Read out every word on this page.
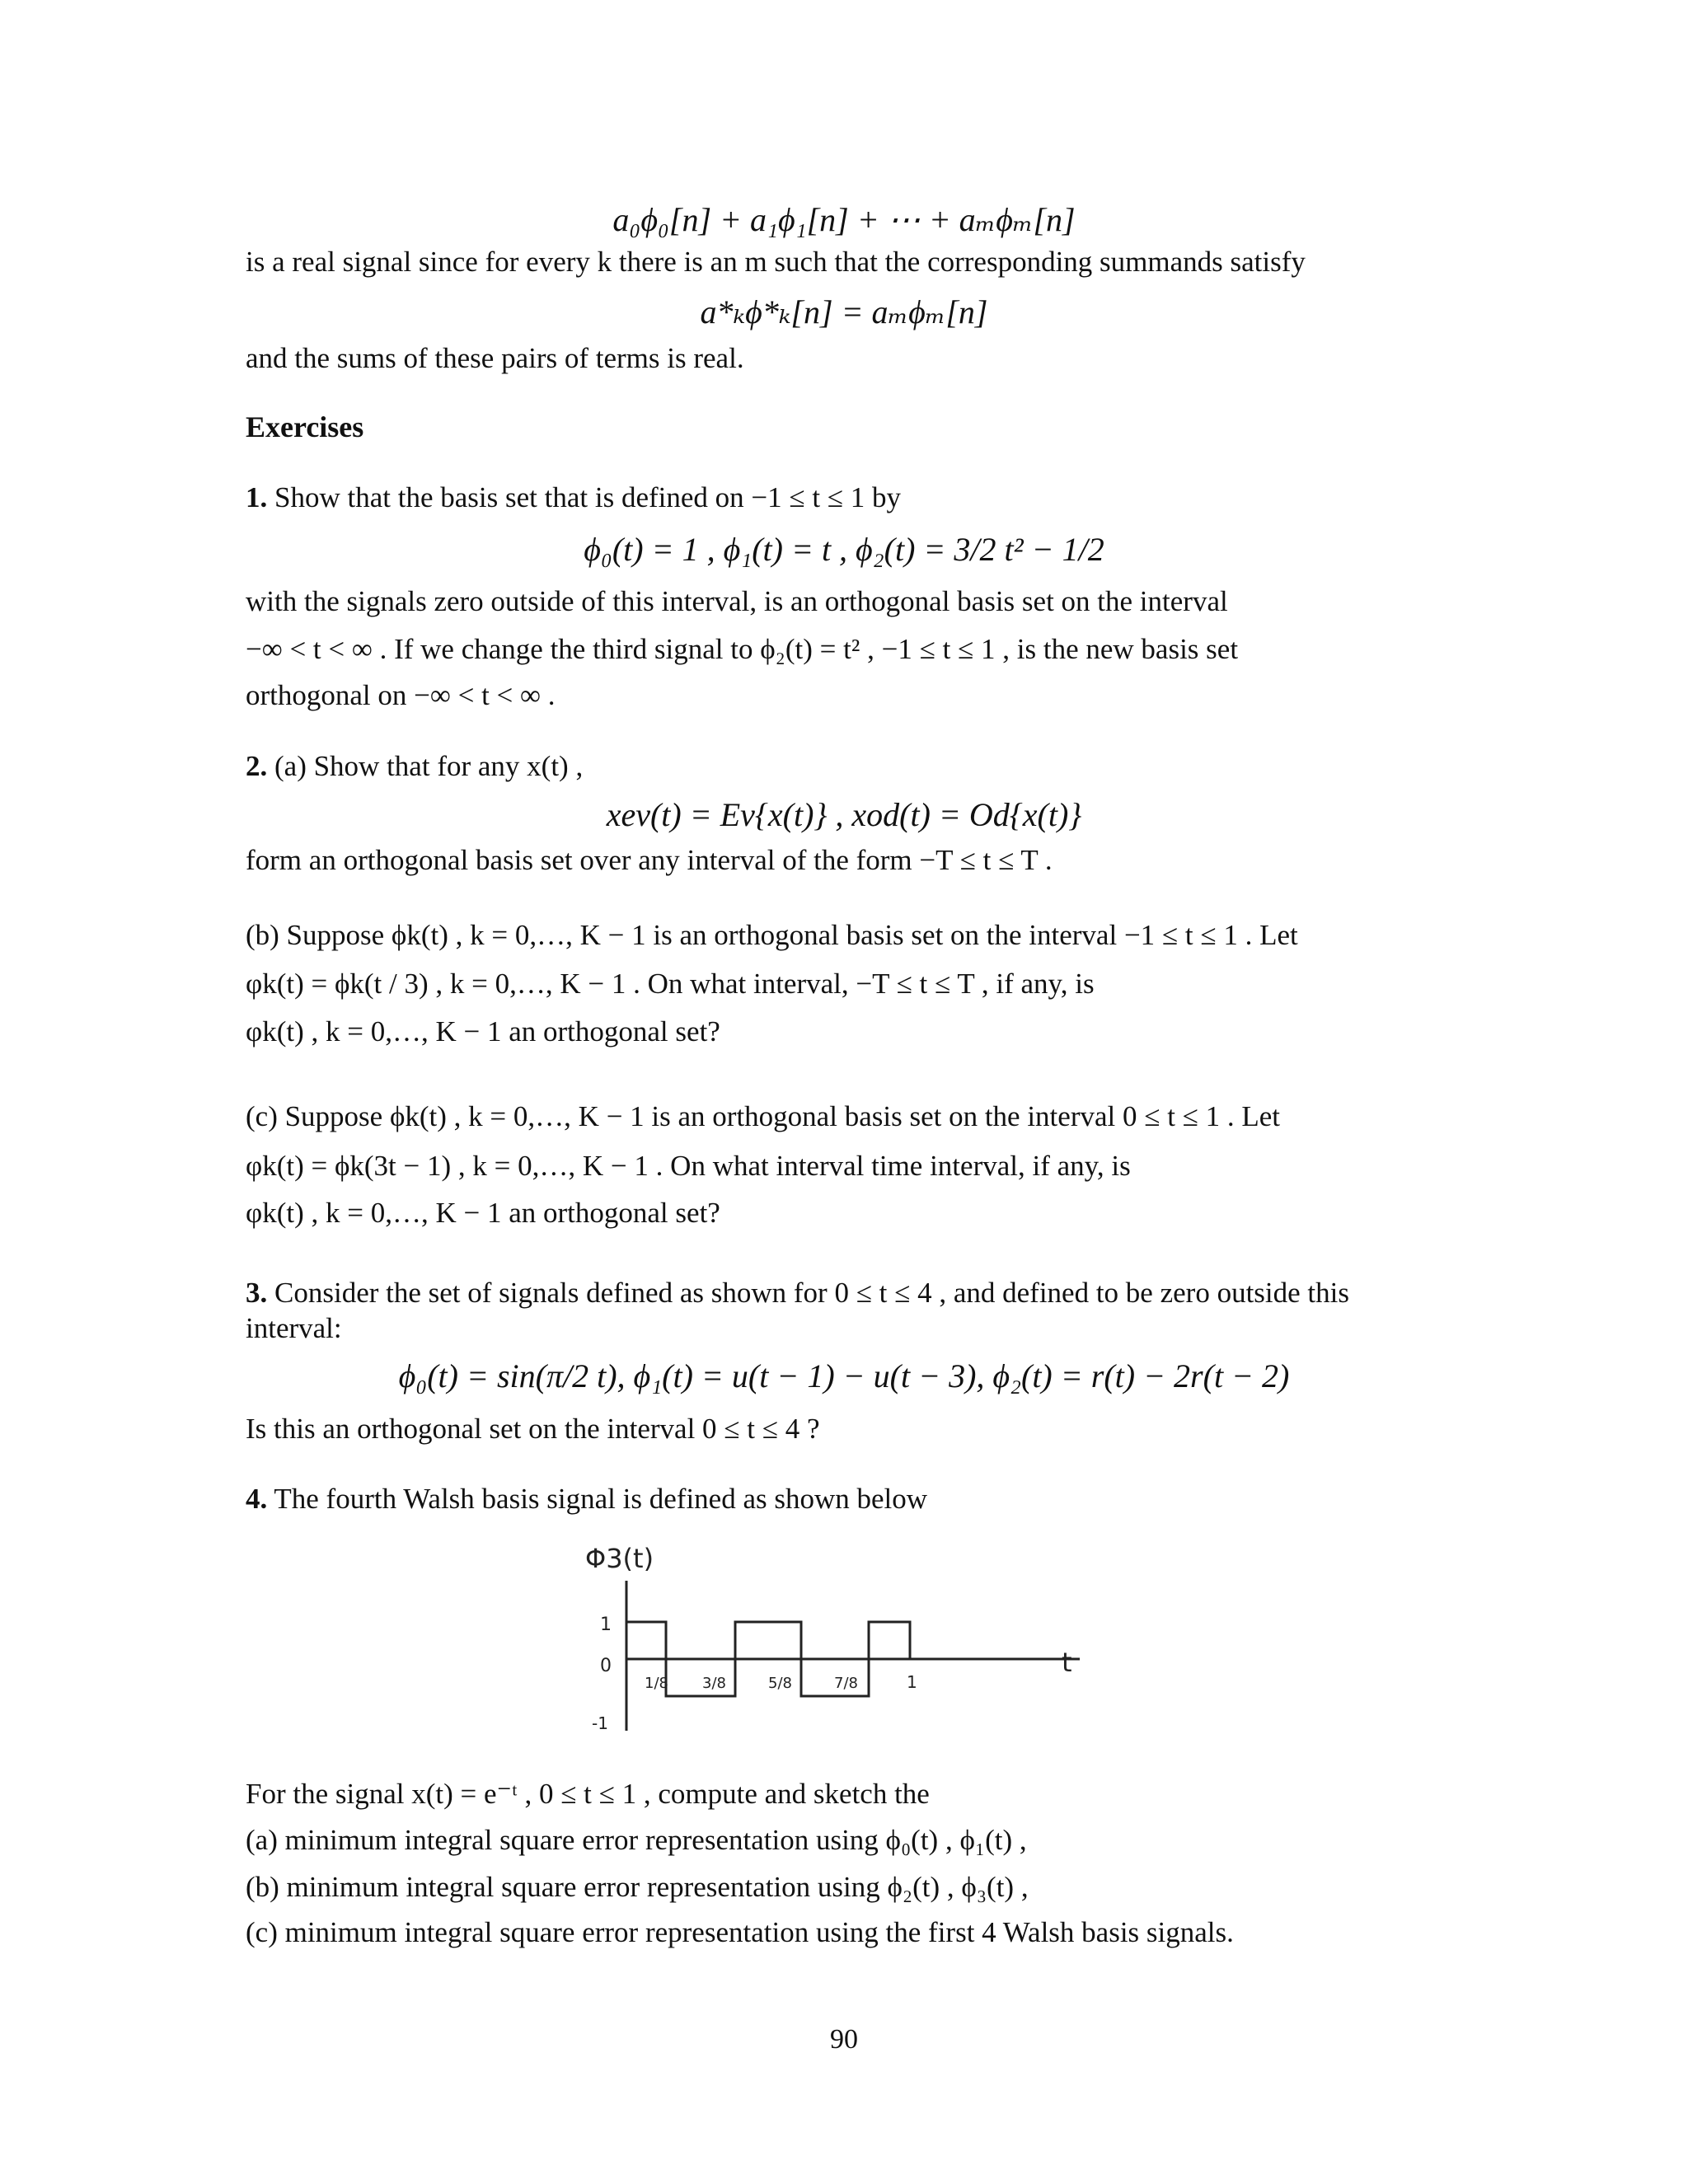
a₀ϕ₀[n] + a₁ϕ₁[n] + ⋯ + aₘϕₘ[n]
is a real signal since for every k there is an m such that the corresponding summands satisfy
a*ₖϕ*ₖ[n] = aₘϕₘ[n]
and the sums of these pairs of terms is real.
Exercises
1. Show that the basis set that is defined on −1 ≤ t ≤ 1 by
ϕ₀(t) = 1 , ϕ₁(t) = t , ϕ₂(t) = 3/2 t² − 1/2
with the signals zero outside of this interval, is an orthogonal basis set on the interval
−∞ < t < ∞ . If we change the third signal to ϕ₂(t) = t² , −1 ≤ t ≤ 1 , is the new basis set
orthogonal on −∞ < t < ∞ .
2. (a) Show that for any x(t) ,
xev(t) = Ev{x(t)} , xod(t) = Od{x(t)}
form an orthogonal basis set over any interval of the form −T ≤ t ≤ T .
(b) Suppose ϕk(t) , k = 0,…, K − 1 is an orthogonal basis set on the interval −1 ≤ t ≤ 1 . Let
φk(t) = ϕk(t / 3) , k = 0,…, K − 1 . On what interval, −T ≤ t ≤ T , if any, is
φk(t) , k = 0,…, K − 1 an orthogonal set?
(c) Suppose ϕk(t) , k = 0,…, K − 1 is an orthogonal basis set on the interval 0 ≤ t ≤ 1 . Let
φk(t) = ϕk(3t − 1) , k = 0,…, K − 1 . On what interval time interval, if any, is
φk(t) , k = 0,…, K − 1 an orthogonal set?
3. Consider the set of signals defined as shown for 0 ≤ t ≤ 4 , and defined to be zero outside this
interval:
ϕ₀(t) = sin(π/2 t), ϕ₁(t) = u(t − 1) − u(t − 3), ϕ₂(t) = r(t) − 2r(t − 2)
Is this an orthogonal set on the interval 0 ≤ t ≤ 4 ?
4. The fourth Walsh basis signal is defined as shown below
Φ3(t)
1
0
-1
1/8 3/8	5/8	7/8	1
t
For the signal x(t) = e⁻ᵗ , 0 ≤ t ≤ 1 , compute and sketch the
(a) minimum integral square error representation using ϕ₀(t) , ϕ₁(t) ,
(b) minimum integral square error representation using ϕ₂(t) , ϕ₃(t) ,
(c) minimum integral square error representation using the first 4 Walsh basis signals.
90
